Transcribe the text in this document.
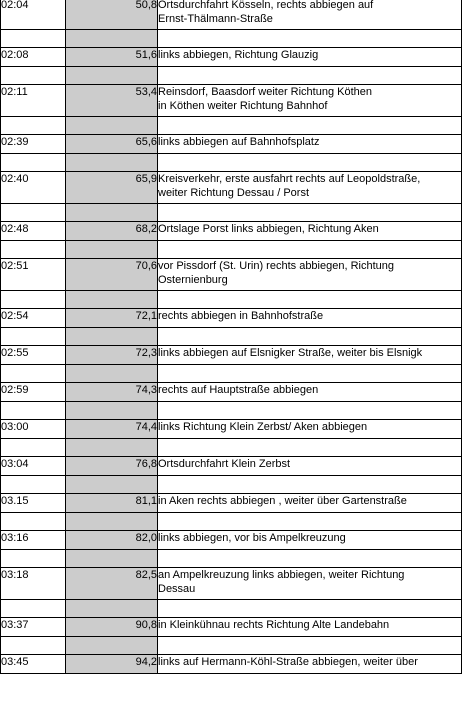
02:04	50,8	Ortsdurchfahrt Kösseln, rechts abbiegen auf
Ernst-Thälmann-Straße

02:08	51,6	links abbiegen, Richtung Glauzig

02:11	53,4	Reinsdorf, Baasdorf weiter Richtung Köthen
in Köthen weiter Richtung Bahnhof

02:39	65,6	links abbiegen auf Bahnhofsplatz

02:40	65,9	Kreisverkehr, erste ausfahrt rechts auf Leopoldstraße,
weiter Richtung Dessau / Porst

02:48	68,2	Ortslage Porst links abbiegen, Richtung Aken

02:51	70,6	vor Pissdorf (St. Urin) rechts abbiegen, Richtung
Osternienburg

02:54	72,1	rechts abbiegen in Bahnhofstraße

02:55	72,3	links abbiegen auf Elsnigker Straße, weiter bis Elsnigk

02:59	74,3	rechts auf Hauptstraße abbiegen

03:00	74,4	links Richtung Klein Zerbst/ Aken abbiegen

03:04	76,8	Ortsdurchfahrt Klein Zerbst

03.15	81,1	in Aken rechts abbiegen , weiter über Gartenstraße

03:16	82,0	links abbiegen, vor bis Ampelkreuzung

03:18	82,5	an Ampelkreuzung links abbiegen, weiter Richtung
Dessau

03:37	90,8	in Kleinkühnau rechts Richtung Alte Landebahn

03:45	94,2	links auf Hermann-Köhl-Straße abbiegen, weiter über
